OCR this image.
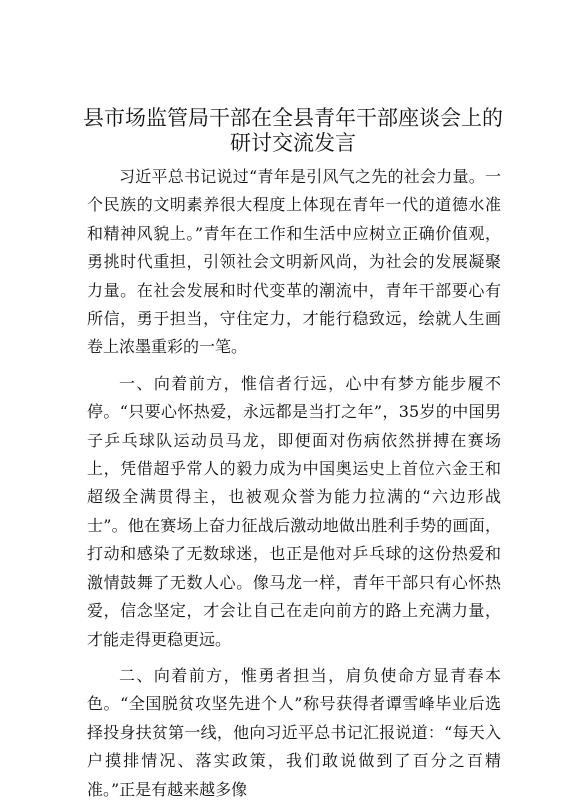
县市场监管局干部在全县青年干部座谈会上的
研讨交流发言

习近平总书记说过“青年是引风气之先的社会力量。一个民族的文明素养很大程度上体现在青年一代的道德水准和精神风貌上。”青年在工作和生活中应树立正确价值观，勇挑时代重担，引领社会文明新风尚，为社会的发展凝聚力量。在社会发展和时代变革的潮流中，青年干部要心有所信，勇于担当，守住定力，才能行稳致远，绘就人生画卷上浓墨重彩的一笔。

一、向着前方，惟信者行远，心中有梦方能步履不停。“只要心怀热爱，永远都是当打之年”，35岁的中国男子乒乓球队运动员马龙，即便面对伤病依然拼搏在赛场上，凭借超乎常人的毅力成为中国奥运史上首位六金王和超级全满贯得主，也被观众誉为能力拉满的“六边形战士”。他在赛场上奋力征战后激动地做出胜利手势的画面，打动和感染了无数球迷，也正是他对乒乓球的这份热爱和激情鼓舞了无数人心。像马龙一样，青年干部只有心怀热爱，信念坚定，才会让自己在走向前方的路上充满力量，才能走得更稳更远。

二、向着前方，惟勇者担当，肩负使命方显青春本色。“全国脱贫攻坚先进个人”称号获得者谭雪峰毕业后选择投身扶贫第一线，他向习近平总书记汇报说道：“每天入户摸排情况、落实政策，我们敢说做到了百分之百精准。”正是有越来越多像
